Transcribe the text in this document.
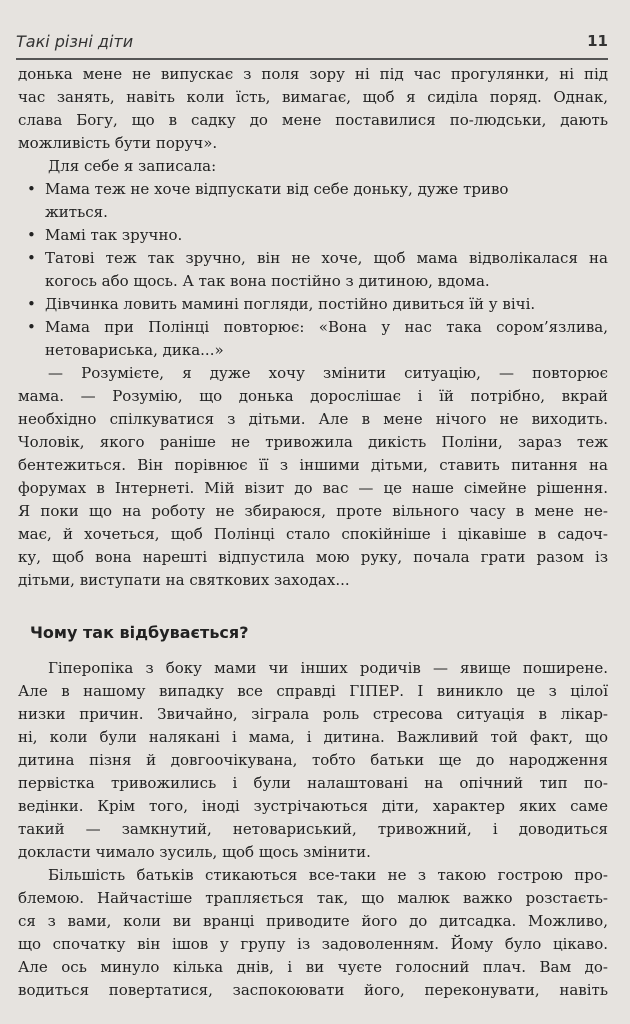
Такі різні діти	11
донька мене не випускає з поля зору ні під час прогулянки, ні під
час занять, навіть коли їсть, вимагає, щоб я сиділа поряд. Однак,
слава Богу, що в садку до мене поставилися по-людськи, дають
можливість бути поруч».
Для себе я записала:
• Мама теж не хоче відпускати від себе доньку, дуже триво
житься.
• Мамі так зручно.
• Татові теж так зручно, він не хоче, щоб мама відволікалася на
когось або щось. А так вона постійно з дитиною, вдома.
• Дівчинка ловить мамині погляди, постійно дивиться їй у вічі.
• Мама при Полінці повторює: «Вона у нас така сором’язлива,
нетовариська, дика...»
— Розумієте, я дуже хочу змінити ситуацію, — повторює
мама. — Розумію, що донька дорослішає і їй потрібно, вкрай
необхідно спілкуватися з дітьми. Але в мене нічого не виходить.
Чоловік, якого раніше не тривожила дикість Поліни, зараз теж
бентежиться. Він порівнює її з іншими дітьми, ставить питання на
форумах в Інтернеті. Мій візит до вас — це наше сімейне рішення.
Я поки що на роботу не збираюся, проте вільного часу в мене не-
має, й хочеться, щоб Полінці стало спокійніше і цікавіше в садоч-
ку, щоб вона нарешті відпустила мою руку, почала грати разом із
дітьми, виступати на святкових заходах...
Чому так відбувається?
Гіперопіка з боку мами чи інших родичів — явище поширене.
Але в нашому випадку все справді ГІПЕР. І виникло це з цілої
низки причин. Звичайно, зіграла роль стресова ситуація в лікар-
ні, коли були налякані і мама, і дитина. Важливий той факт, що
дитина пізня й довгоочікувана, тобто батьки ще до народження
первістка тривожились і були налаштовані на опічний тип по-
ведінки. Крім того, іноді зустрічаються діти, характер яких саме
такий — замкнутий, нетовариський, тривожний, і доводиться
докласти чимало зусиль, щоб щось змінити.
Більшість батьків стикаються все-таки не з такою гострою про-
блемою. Найчастіше трапляється так, що малюк важко розстаєть-
ся з вами, коли ви вранці приводите його до дитсадка. Можливо,
що спочатку він ішов у групу із задоволенням. Йому було цікаво.
Але ось минуло кілька днів, і ви чуєте голосний плач. Вам до-
водиться повертатися, заспокоювати його, переконувати, навіть
